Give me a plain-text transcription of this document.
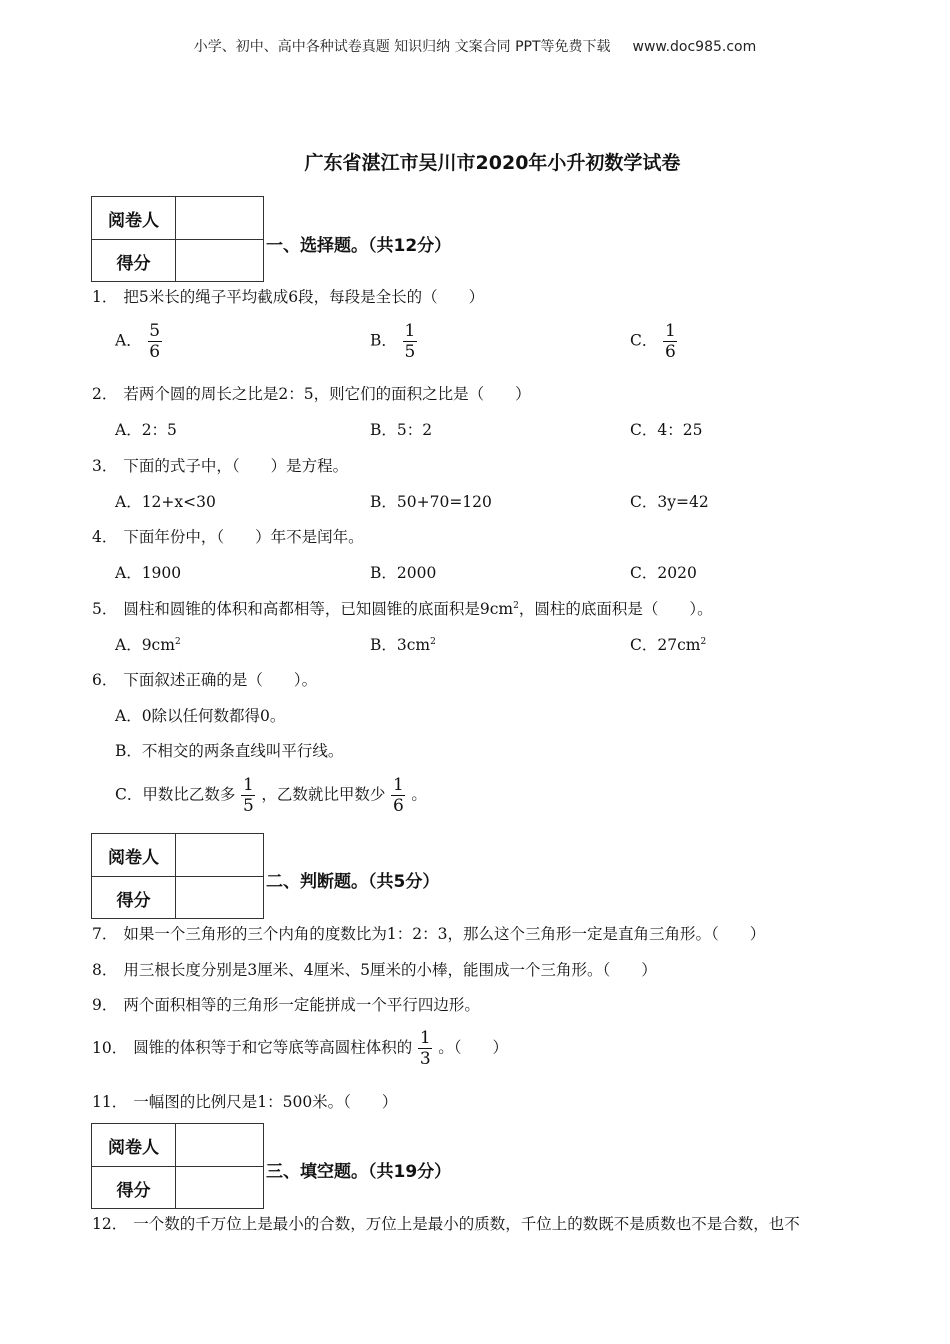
小学、初中、高中各种试卷真题 知识归纳 文案合同 PPT等免费下载 www.doc985.com
广东省湛江市吴川市2020年小升初数学试卷
阅卷人
得分
一、选择题。（共12分）
1． 把5米长的绳子平均截成6段，每段是全长的（　　）
A． $\frac{5}{6}$	B． $\frac{1}{5}$	C． $\frac{1}{6}$
2． 若两个圆的周长之比是2：5，则它们的面积之比是（　　）
A．2：5	B．5：2	C．4：25
3． 下面的式子中，（　　）是方程。
A．12+x<30	B．50+70=120	C．3y=42
4． 下面年份中，（　　）年不是闰年。
A．1900	B．2000	C．2020
5． 圆柱和圆锥的体积和高都相等，已知圆锥的底面积是$9cm^2$，圆柱的底面积是（　　）。
A．$9cm^2$	B．$3cm^2$	C．$27cm^2$
6． 下面叙述正确的是（　　）。
A．0除以任何数都得0。
B．不相交的两条直线叫平行线。
C．甲数比乙数多 $\frac{1}{5}$ ，乙数就比甲数少 $\frac{1}{6}$ 。
阅卷人
得分
二、判断题。（共5分）
7． 如果一个三角形的三个内角的度数比为1：2：3，那么这个三角形一定是直角三角形。（　　）
8． 用三根长度分别是3厘米、4厘米、5厘米的小棒，能围成一个三角形。（　　）
9． 两个面积相等的三角形一定能拼成一个平行四边形。
10． 圆锥的体积等于和它等底等高圆柱体积的 $\frac{1}{3}$ 。（　　）
11． 一幅图的比例尺是1：500米。（　　）
阅卷人
得分
三、填空题。（共19分）
12． 一个数的千万位上是最小的合数，万位上是最小的质数，千位上的数既不是质数也不是合数，也不
